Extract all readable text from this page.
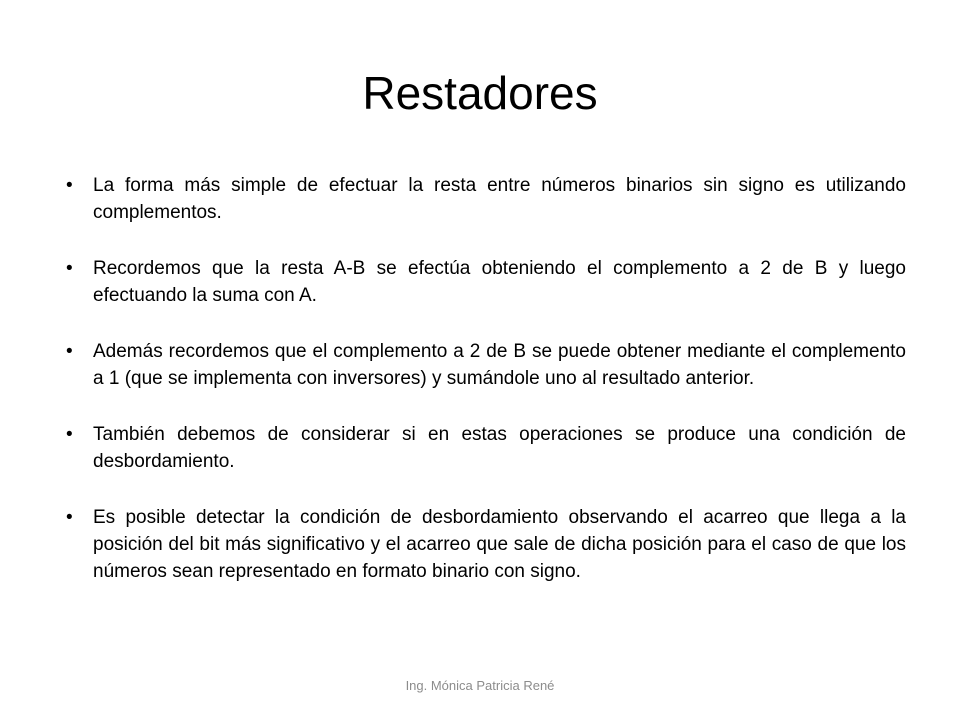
Restadores
• La forma más simple de efectuar la resta entre números binarios sin signo es utilizando complementos.
• Recordemos que la resta A-B se efectúa obteniendo el complemento a 2 de B y luego efectuando la suma con A.
• Además recordemos que el complemento a 2 de B se puede obtener mediante el complemento a 1 (que se implementa con inversores) y sumándole uno al resultado anterior.
• También debemos de considerar si en estas operaciones se produce una condición de desbordamiento.
• Es posible detectar la condición de desbordamiento observando el acarreo que llega a la posición del bit más significativo y el acarreo que sale de dicha posición para el caso de que los números sean representado en formato binario con signo.
Ing. Mónica Patricia René
